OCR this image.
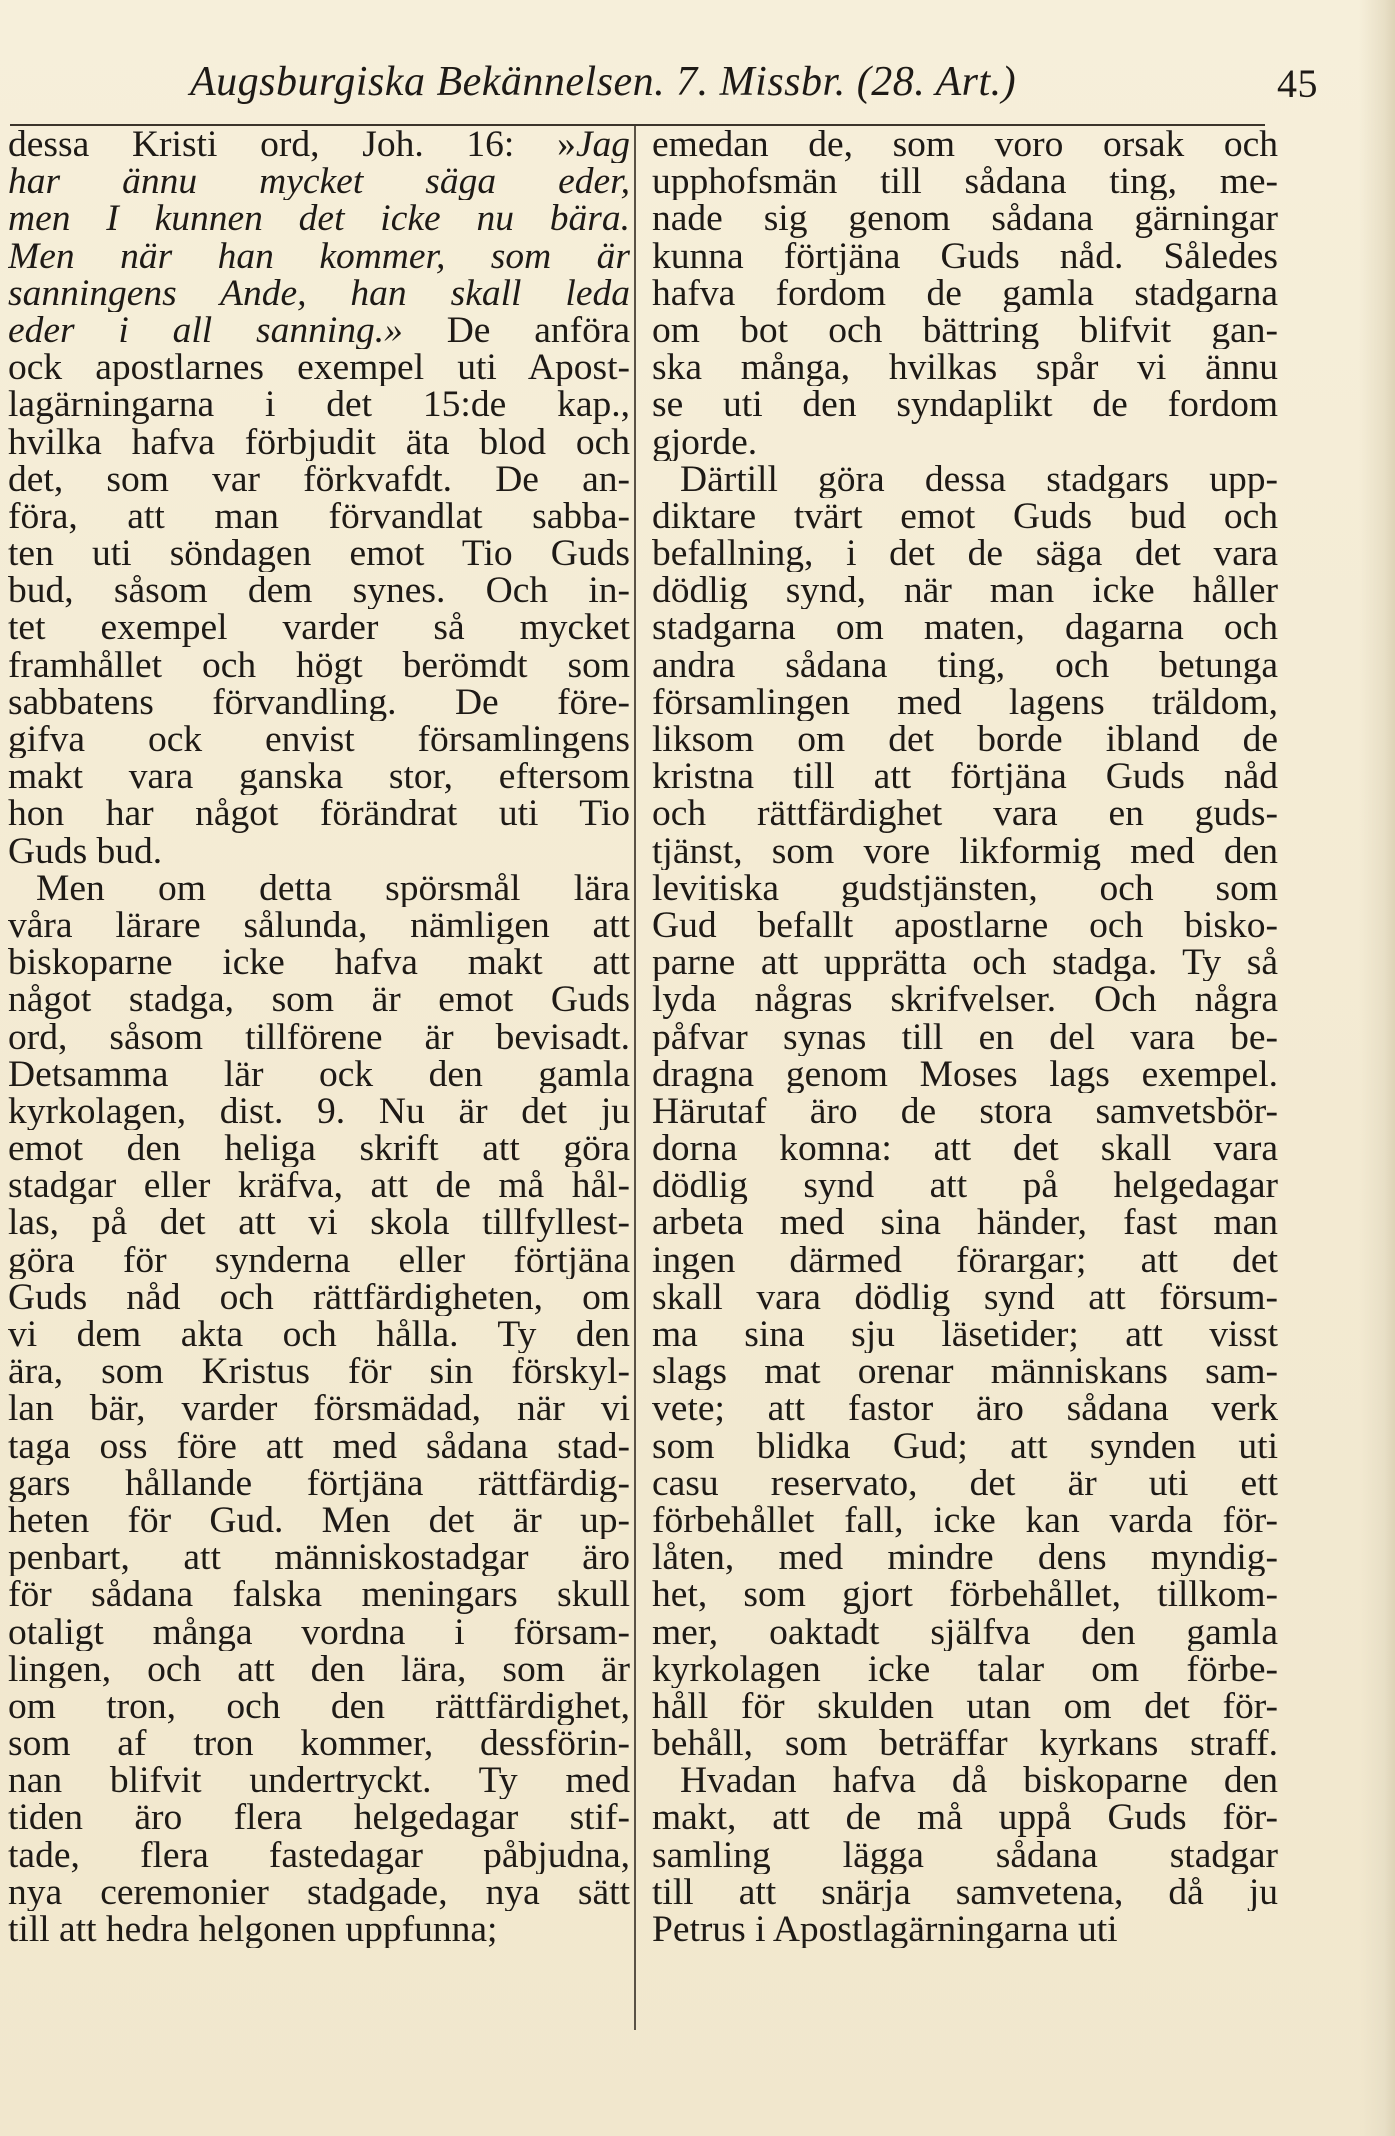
Augsburgiska Bekännelsen. 7. Missbr. (28. Art.)	45
dessa Kristi ord, Joh. 16: »Jag
har ännu mycket säga eder,
men I kunnen det icke nu bära.
Men när han kommer, som är
sanningens Ande, han skall leda
eder i all sanning.» De anföra
ock apostlarnes exempel uti Apost-
lagärningarna i det 15:de kap.,
hvilka hafva förbjudit äta blod och
det, som var förkvafdt. De an-
föra, att man förvandlat sabba-
ten uti söndagen emot Tio Guds
bud, såsom dem synes. Och in-
tet exempel varder så mycket
framhållet och högt berömdt som
sabbatens förvandling. De före-
gifva ock envist församlingens
makt vara ganska stor, eftersom
hon har något förändrat uti Tio
Guds bud.
Men om detta spörsmål lära
våra lärare sålunda, nämligen att
biskoparne icke hafva makt att
något stadga, som är emot Guds
ord, såsom tillförene är bevisadt.
Detsamma lär ock den gamla
kyrkolagen, dist. 9. Nu är det ju
emot den heliga skrift att göra
stadgar eller kräfva, att de må hål-
las, på det att vi skola tillfyllest-
göra för synderna eller förtjäna
Guds nåd och rättfärdigheten, om
vi dem akta och hålla. Ty den
ära, som Kristus för sin förskyl-
lan bär, varder försmädad, när vi
taga oss före att med sådana stad-
gars hållande förtjäna rättfärdig-
heten för Gud. Men det är up-
penbart, att människostadgar äro
för sådana falska meningars skull
otaligt många vordna i försam-
lingen, och att den lära, som är
om tron, och den rättfärdighet,
som af tron kommer, dessförin-
nan blifvit undertryckt. Ty med
tiden äro flera helgedagar stif-
tade, flera fastedagar påbjudna,
nya ceremonier stadgade, nya sätt
till att hedra helgonen uppfunna;
emedan de, som voro orsak och
upphofsmän till sådana ting, me-
nade sig genom sådana gärningar
kunna förtjäna Guds nåd. Således
hafva fordom de gamla stadgarna
om bot och bättring blifvit gan-
ska många, hvilkas spår vi ännu
se uti den syndaplikt de fordom
gjorde.
Därtill göra dessa stadgars upp-
diktare tvärt emot Guds bud och
befallning, i det de säga det vara
dödlig synd, när man icke håller
stadgarna om maten, dagarna och
andra sådana ting, och betunga
församlingen med lagens träldom,
liksom om det borde ibland de
kristna till att förtjäna Guds nåd
och rättfärdighet vara en guds-
tjänst, som vore likformig med den
levitiska gudstjänsten, och som
Gud befallt apostlarne och bisko-
parne att upprätta och stadga. Ty så
lyda någras skrifvelser. Och några
påfvar synas till en del vara be-
dragna genom Moses lags exempel.
Härutaf äro de stora samvetsbör-
dorna komna: att det skall vara
dödlig synd att på helgedagar
arbeta med sina händer, fast man
ingen därmed förargar; att det
skall vara dödlig synd att försum-
ma sina sju läsetider; att visst
slags mat orenar människans sam-
vete; att fastor äro sådana verk
som blidka Gud; att synden uti
casu reservato, det är uti ett
förbehållet fall, icke kan varda för-
låten, med mindre dens myndig-
het, som gjort förbehållet, tillkom-
mer, oaktadt själfva den gamla
kyrkolagen icke talar om förbe-
håll för skulden utan om det för-
behåll, som beträffar kyrkans straff.
Hvadan hafva då biskoparne den
makt, att de må uppå Guds för-
samling lägga sådana stadgar
till att snärja samvetena, då ju
Petrus i Apostlagärningarna uti
